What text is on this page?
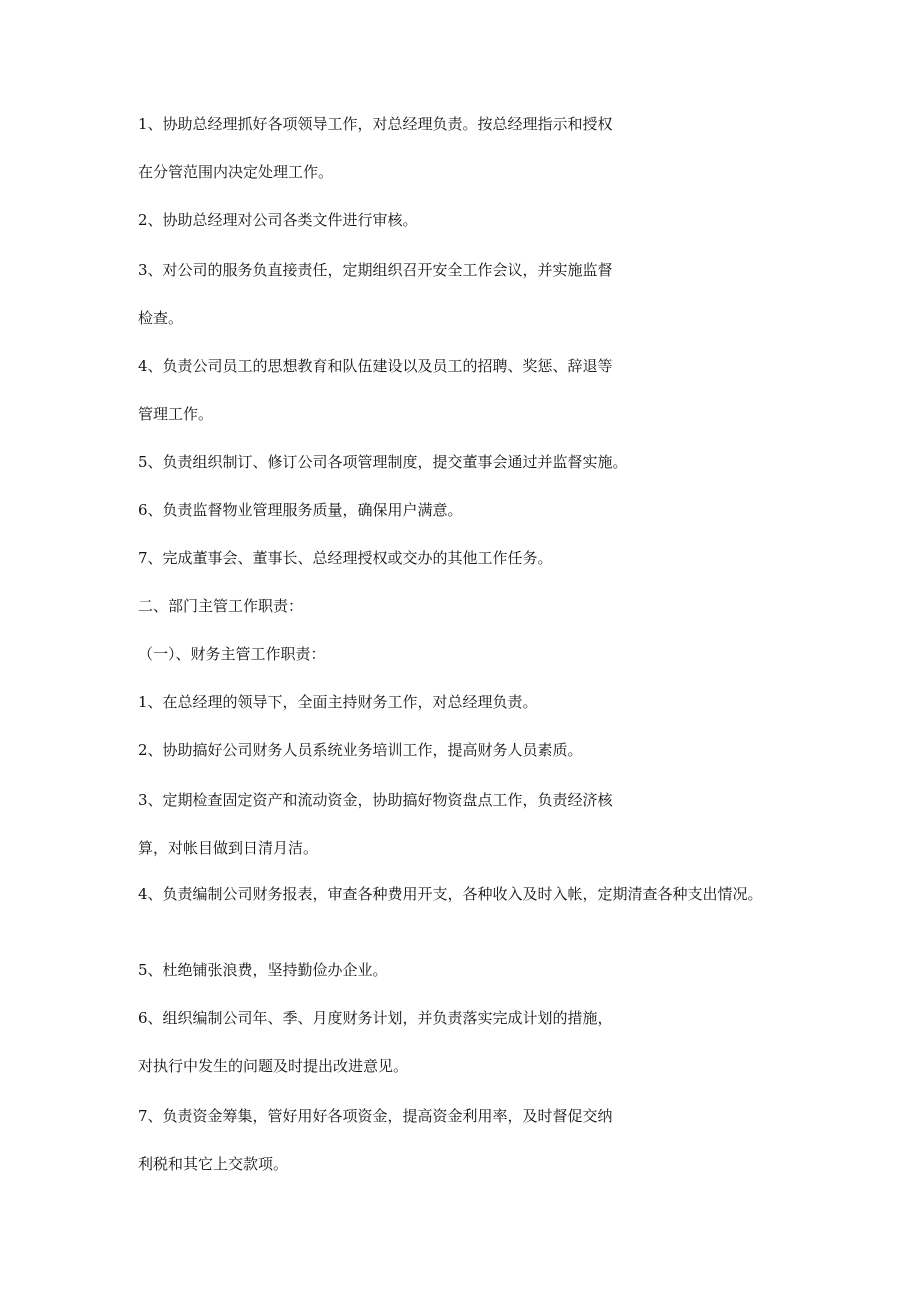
1、协助总经理抓好各项领导工作，对总经理负责。按总经理指示和授权
在分管范围内决定处理工作。
2、协助总经理对公司各类文件进行审核。
3、对公司的服务负直接责任，定期组织召开安全工作会议，并实施监督
检查。
4、负责公司员工的思想教育和队伍建设以及员工的招聘、奖惩、辞退等
管理工作。
5、负责组织制订、修订公司各项管理制度，提交董事会通过并监督实施。
6、负责监督物业管理服务质量，确保用户满意。
7、完成董事会、董事长、总经理授权或交办的其他工作任务。
二、部门主管工作职责：
（一）、财务主管工作职责：
1、在总经理的领导下，全面主持财务工作，对总经理负责。
2、协助搞好公司财务人员系统业务培训工作，提高财务人员素质。
3、定期检查固定资产和流动资金，协助搞好物资盘点工作，负责经济核
算，对帐目做到日清月洁。
4、负责编制公司财务报表，审查各种费用开支，各种收入及时入帐，定期清查各种支出情况。
5、杜绝铺张浪费，坚持勤俭办企业。
6、组织编制公司年、季、月度财务计划，并负责落实完成计划的措施，
对执行中发生的问题及时提出改进意见。
7、负责资金筹集，管好用好各项资金，提高资金利用率，及时督促交纳
利税和其它上交款项。
